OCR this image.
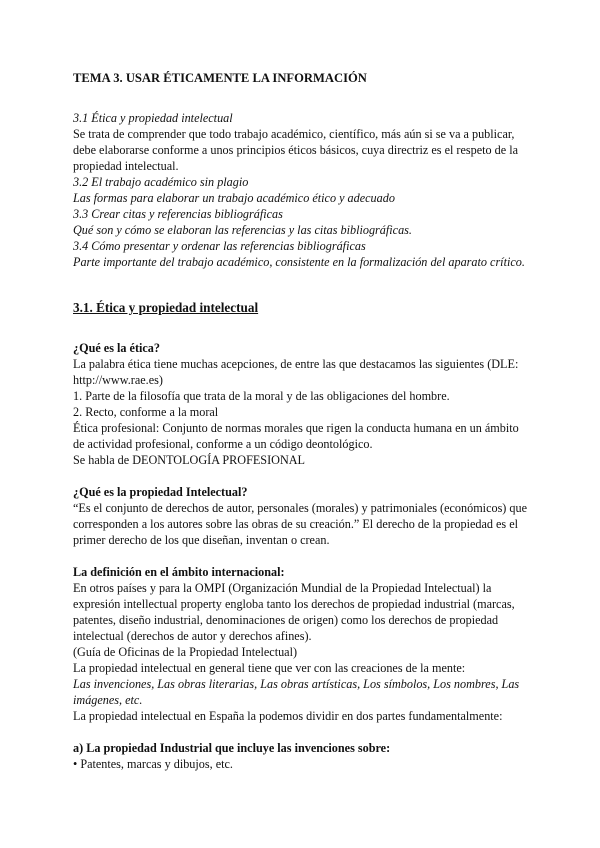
TEMA 3. USAR ÉTICAMENTE LA INFORMACIÓN

3.1 Ética y propiedad intelectual

Se trata de comprender que todo trabajo académico, científico, más aún si se va a publicar, debe elaborarse conforme a unos principios éticos básicos, cuya directriz es el respeto de la propiedad intelectual.

3.2 El trabajo académico sin plagio

Las formas para elaborar un trabajo académico ético y adecuado

3.3 Crear citas y referencias bibliográficas

Qué son y cómo se elaboran las referencias y las citas bibliográficas.

3.4 Cómo presentar y ordenar las referencias bibliográficas

Parte importante del trabajo académico, consistente en la formalización del aparato crítico.

3.1. Ética y propiedad intelectual

¿Qué es la ética?

La palabra ética tiene muchas acepciones, de entre las que destacamos las siguientes (DLE: http://www.rae.es)

1. Parte de la filosofía que trata de la moral y de las obligaciones del hombre.

2. Recto, conforme a la moral

Ética profesional: Conjunto de normas morales que rigen la conducta humana en un ámbito de actividad profesional, conforme a un código deontológico.

Se habla de DEONTOLOGÍA PROFESIONAL

¿Qué es la propiedad Intelectual?

“Es el conjunto de derechos de autor, personales (morales) y patrimoniales (económicos) que corresponden a los autores sobre las obras de su creación.” El derecho de la propiedad es el primer derecho de los que diseñan, inventan o crean.

La definición en el ámbito internacional:

En otros países y para la OMPI (Organización Mundial de la Propiedad Intelectual) la expresión intellectual property engloba tanto los derechos de propiedad industrial (marcas, patentes, diseño industrial, denominaciones de origen) como los derechos de propiedad intelectual (derechos de autor y derechos afines).

(Guía de Oficinas de la Propiedad Intelectual)

La propiedad intelectual en general tiene que ver con las creaciones de la mente:

Las invenciones, Las obras literarias, Las obras artísticas, Los símbolos, Los nombres, Las imágenes, etc.

La propiedad intelectual en España la podemos dividir en dos partes fundamentalmente:

a) La propiedad Industrial que incluye las invenciones sobre:

• Patentes, marcas y dibujos, etc.
